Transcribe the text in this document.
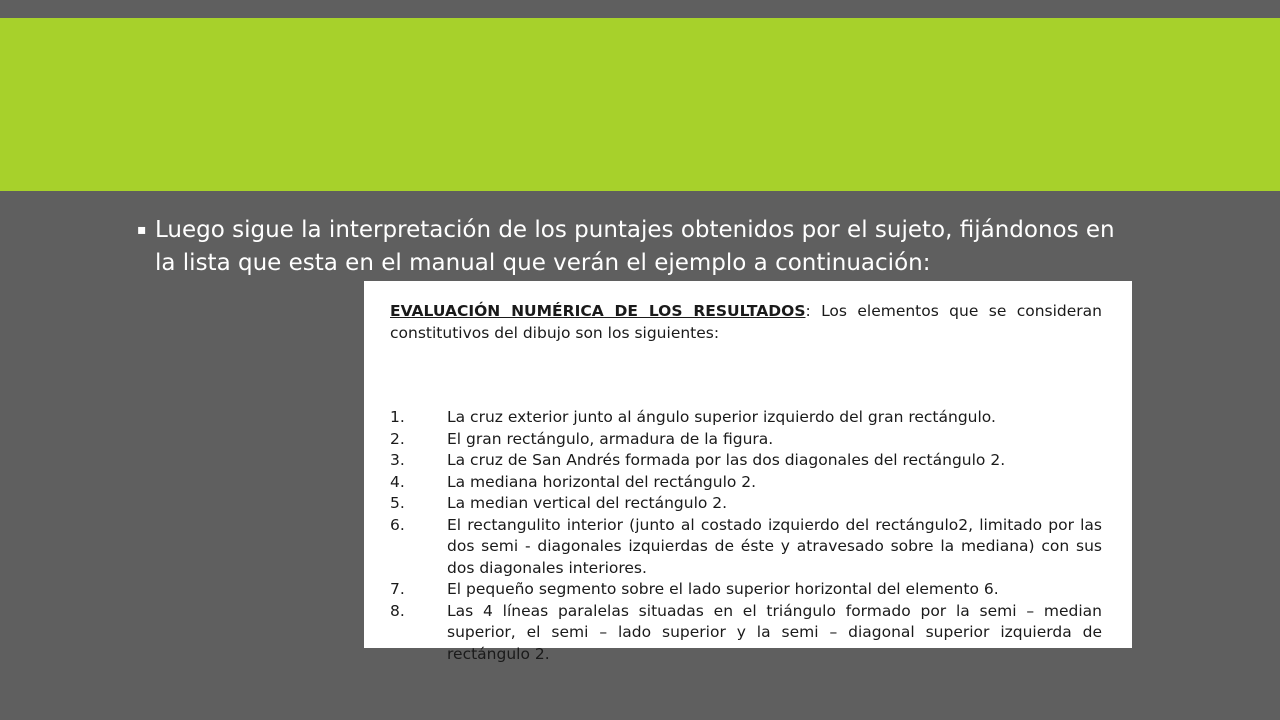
▪ Luego sigue la interpretación de los puntajes obtenidos por el sujeto, fijándonos en la lista que esta en el manual que verán el ejemplo a continuación:
EVALUACIÓN NUMÉRICA DE LOS RESULTADOS: Los elementos que se consideran constitutivos del dibujo son los siguientes:
1.	La cruz exterior junto al ángulo superior izquierdo del gran rectángulo.
2.	El gran rectángulo, armadura de la figura.
3.	La cruz de San Andrés formada por las dos diagonales del rectángulo 2.
4.	La mediana horizontal del rectángulo 2.
5.	La median vertical del rectángulo 2.
6.	El rectangulito interior (junto al costado izquierdo del rectángulo2, limitado por las dos semi - diagonales izquierdas de éste y atravesado sobre la mediana) con sus dos diagonales interiores.
7.	El pequeño segmento sobre el lado superior horizontal del elemento 6.
8.	Las 4 líneas paralelas situadas en el triángulo formado por la semi – median superior, el semi – lado superior y la semi – diagonal superior izquierda de rectángulo 2.
